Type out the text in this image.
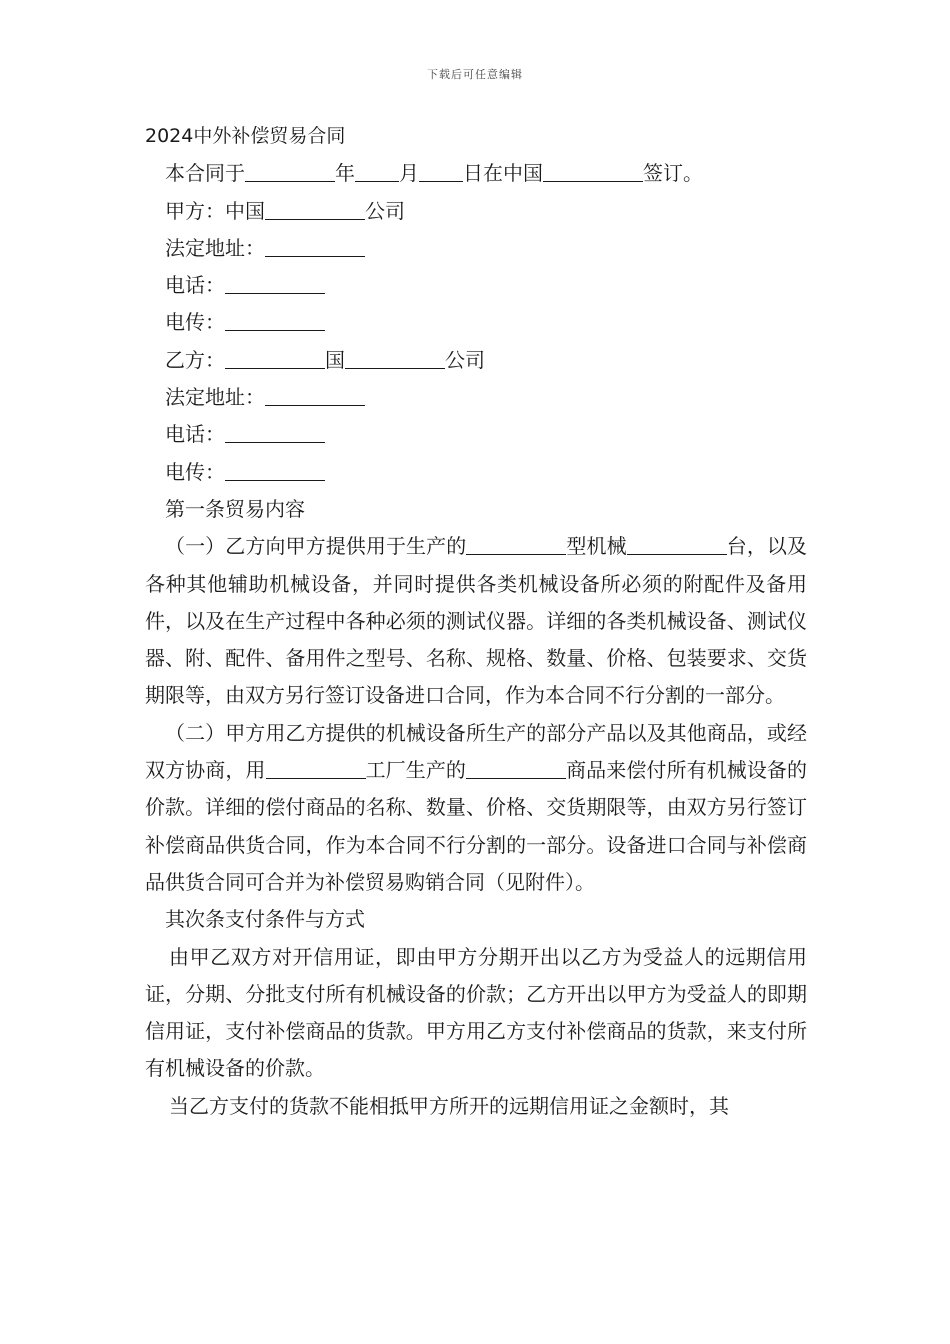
下载后可任意编辑
2024中外补偿贸易合同
本合同于	年 月 日在中国	签订。
甲方：中国	公司
法定地址：
电话：
电传：
乙方：	国	公司
法定地址：
电话：
电传：
第一条贸易内容
（一）乙方向甲方提供用于生产的	型机械	台，以及各种其他辅助机械设备，并同时提供各类机械设备所必须的附配件及备用件，以及在生产过程中各种必须的测试仪器。详细的各类机械设备、测试仪器、附、配件、备用件之型号、名称、规格、数量、价格、包装要求、交货期限等，由双方另行签订设备进口合同，作为本合同不行分割的一部分。
（二）甲方用乙方提供的机械设备所生产的部分产品以及其他商品，或经双方协商，用	工厂生产的	商品来偿付所有机械设备的价款。详细的偿付商品的名称、数量、价格、交货期限等，由双方另行签订补偿商品供货合同，作为本合同不行分割的一部分。设备进口合同与补偿商品供货合同可合并为补偿贸易购销合同（见附件）。
其次条支付条件与方式
由甲乙双方对开信用证，即由甲方分期开出以乙方为受益人的远期信用证，分期、分批支付所有机械设备的价款；乙方开出以甲方为受益人的即期信用证，支付补偿商品的货款。甲方用乙方支付补偿商品的货款，来支付所有机械设备的价款。
当乙方支付的货款不能相抵甲方所开的远期信用证之金额时，其
